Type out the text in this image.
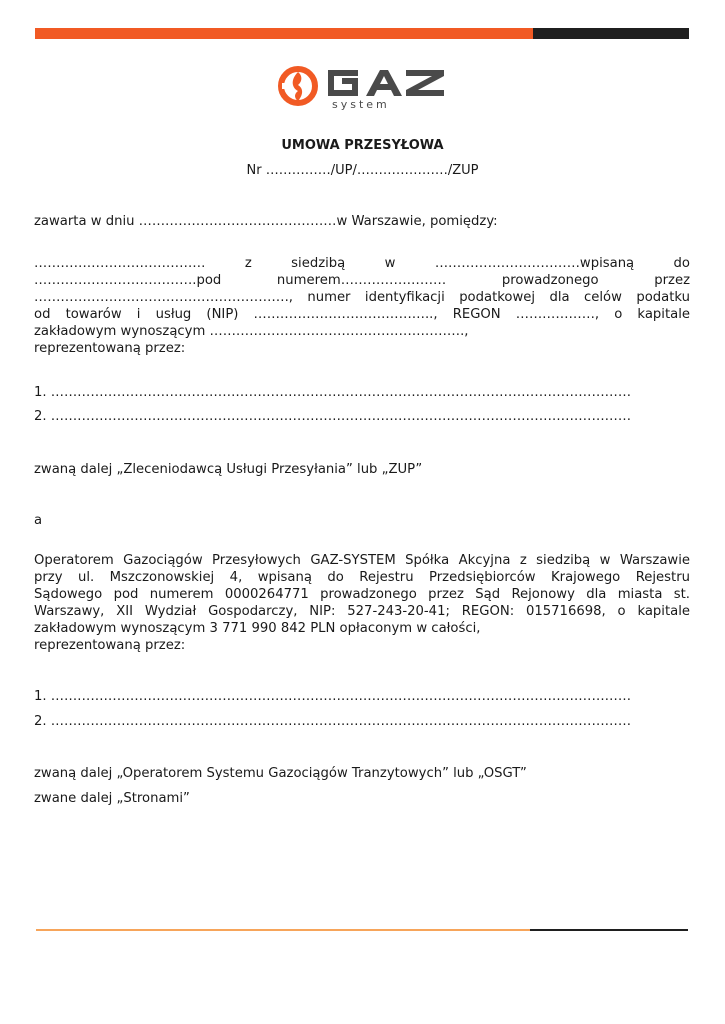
system
UMOWA PRZESYŁOWA
Nr ……………/UP/…………………/ZUP

zawarta w dniu ………………………………………w Warszawie, pomiędzy:

………………………………… z siedzibą w ……………………………wpisaną do

……………………………….pod numerem…………………… prowadzonego przez

…………………………………………………., numer identyfikacji podatkowej dla celów podatku

od towarów i usług (NIP) ………………………………….., REGON ………………, o kapitale

zakładowym wynoszącym ………………………………………………….,

reprezentowaną przez:

1. ……………………………………………………………………………………………………………………

2. ……………………………………………………………………………………………………………………

zwaną dalej „Zleceniodawcą Usługi Przesyłania” lub „ZUP”

a

Operatorem Gazociągów Przesyłowych GAZ-SYSTEM Spółka Akcyjna z siedzibą w Warszawie

przy ul. Mszczonowskiej 4, wpisaną do Rejestru Przedsiębiorców Krajowego Rejestru

Sądowego pod numerem 0000264771 prowadzonego przez Sąd Rejonowy dla miasta st.

Warszawy, XII Wydział Gospodarczy, NIP: 527-243-20-41; REGON: 015716698, o kapitale

zakładowym wynoszącym 3 771 990 842 PLN opłaconym w całości,

reprezentowaną przez:

1. ……………………………………………………………………………………………………………………

2. ……………………………………………………………………………………………………………………

zwaną dalej „Operatorem Systemu Gazociągów Tranzytowych” lub „OSGT”

zwane dalej „Stronami”
